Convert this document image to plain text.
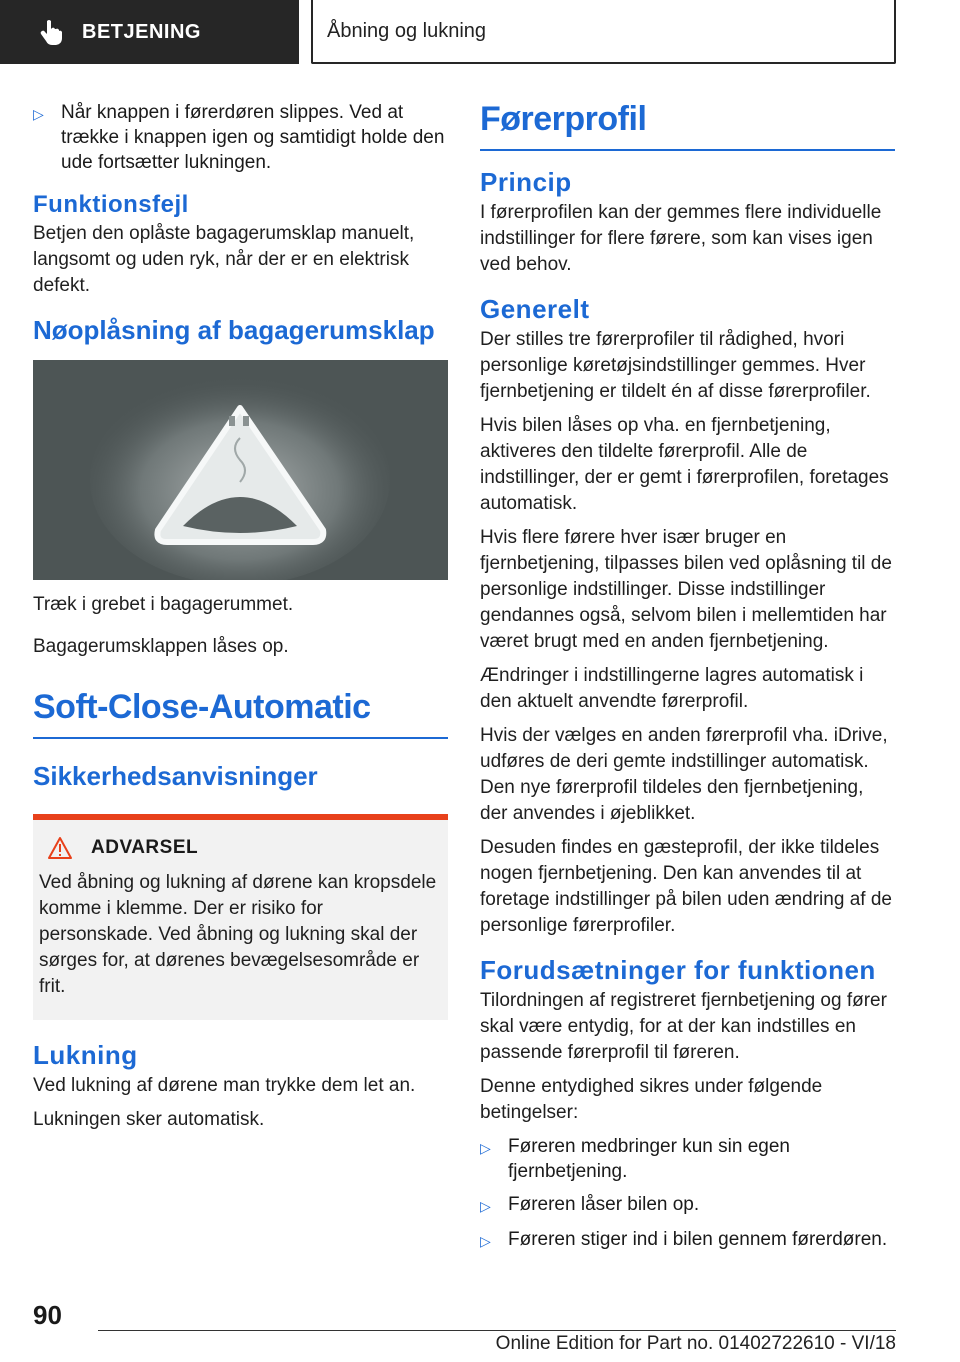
BETJENING	Åbning og lukning
▷ Når knappen i førerdøren slippes. Ved at trække i knappen igen og samtidigt holde den ude fortsætter lukningen.
Funktionsfejl

Betjen den oplåste bagagerumsklap manuelt, langsomt og uden ryk, når der er en elektrisk defekt.

Nøoplåsning af bagagerumsklap

Træk i grebet i bagagerummet.

Bagagerumsklappen låses op.

Soft-Close-Automatic
Sikkerhedsanvisninger
ADVARSEL

Ved åbning og lukning af dørene kan kropsdele komme i klemme. Der er risiko for personskade. Ved åbning og lukning skal der sørges for, at dørenes bevægelsesområde er frit.

Lukning

Ved lukning af dørene man trykke dem let an.

Lukningen sker automatisk.

Førerprofil
Princip

I førerprofilen kan der gemmes flere individuelle indstillinger for flere førere, som kan vises igen ved behov.

Generelt

Der stilles tre førerprofiler til rådighed, hvori personlige køretøjsindstillinger gemmes. Hver fjernbetjening er tildelt én af disse førerprofiler.

Hvis bilen låses op vha. en fjernbetjening, aktiveres den tildelte førerprofil. Alle de indstillinger, der er gemt i førerprofilen, foretages automatisk.

Hvis flere førere hver især bruger en fjernbetjening, tilpasses bilen ved oplåsning til de personlige indstillinger. Disse indstillinger gendannes også, selvom bilen i mellemtiden har været brugt med en anden fjernbetjening.

Ændringer i indstillingerne lagres automatisk i den aktuelt anvendte førerprofil.

Hvis der vælges en anden førerprofil vha. iDrive, udføres de deri gemte indstillinger automatisk. Den nye førerprofil tildeles den fjernbetjening, der anvendes i øjeblikket.

Desuden findes en gæsteprofil, der ikke tildeles nogen fjernbetjening. Den kan anvendes til at foretage indstillinger på bilen uden ændring af de personlige førerprofiler.

Forudsætninger for funktionen

Tilordningen af registreret fjernbetjening og fører skal være entydig, for at der kan indstilles en passende førerprofil til føreren.

Denne entydighed sikres under følgende betingelser:

▷ Føreren medbringer kun sin egen fjernbetjening.
▷ Føreren låser bilen op.
▷ Føreren stiger ind i bilen gennem førerdøren.
90
Online Edition for Part no. 01402722610 - VI/18
